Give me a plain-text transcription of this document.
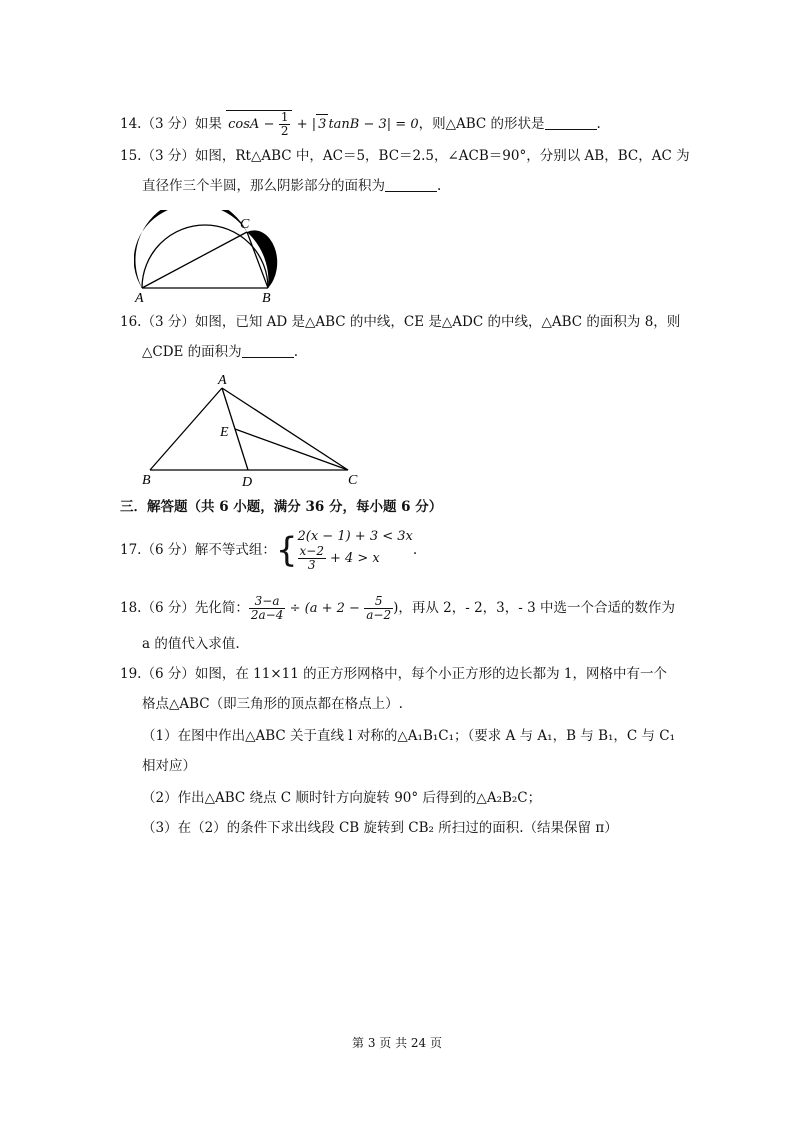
14.（3 分）如果 $\cos A - \frac{1}{2}$ + | 3 tanB − 3| = 0，则△ABC 的形状是	.
15.（3 分）如图，Rt△ABC 中，AC＝5，BC＝2.5，∠ACB＝90°，分别以 AB，BC，AC 为
直径作三个半圆，那么阴影部分的面积为	.
A	B
C
16.（3 分）如图，已知 AD 是△ABC 的中线，CE 是△ADC 的中线，△ABC 的面积为 8，则
△CDE 的面积为	.
A
B	C
D
E
三．解答题（共 6 小题，满分 36 分，每小题 6 分）
17.（6 分）解不等式组：{ 2(x − 1) + 3 < 3x
$\frac{x-2}{3} + 4 > x$
.
18.（6 分）先化简： $\frac{3-a}{2a-4} \div (a + 2 - \frac{5}{a-2}$ )，再从 2，- 2，3，- 3 中选一个合适的数作为
a 的值代入求值.
19.（6 分）如图，在 11×11 的正方形网格中，每个小正方形的边长都为 1，网格中有一个
格点△ABC（即三角形的顶点都在格点上）.
（1）在图中作出△ABC 关于直线 l 对称的△A₁B₁C₁；（要求 A 与 A₁，B 与 B₁，C 与 C₁
相对应）
（2）作出△ABC 绕点 C 顺时针方向旋转 90° 后得到的△A₂B₂C；
（3）在（2）的条件下求出线段 CB 旋转到 CB₂ 所扫过的面积.（结果保留 π）
第 3 页 共 24 页
